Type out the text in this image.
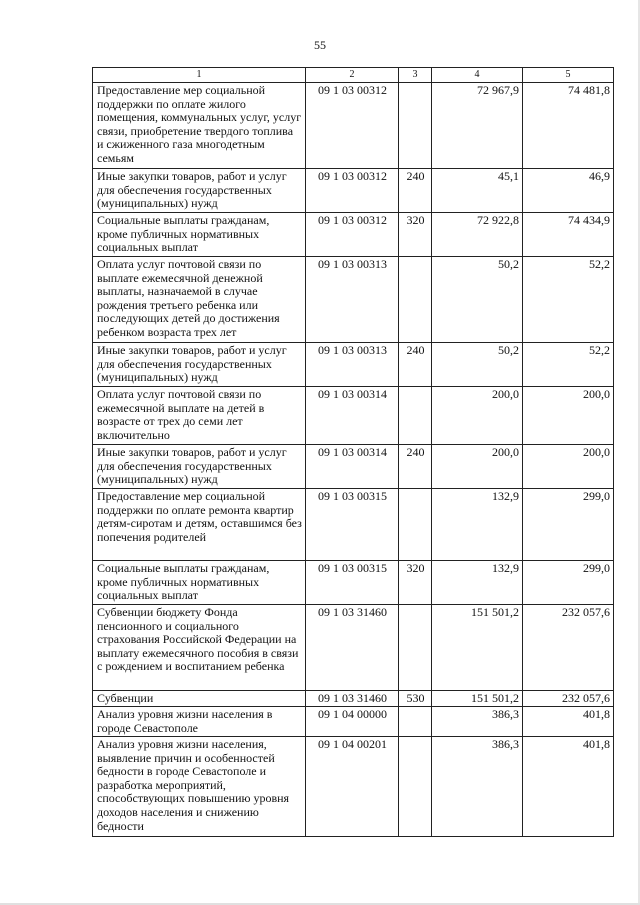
55
1	2	3	4	5
Предоставление мер социальной поддержки по оплате жилого помещения, коммунальных услуг, услуг связи, приобретение твердого топлива и сжиженного газа многодетным семьям	09 1 03 00312		72 967,9	74 481,8
Иные закупки товаров, работ и услуг для обеспечения государственных (муниципальных) нужд	09 1 03 00312	240	45,1	46,9
Социальные выплаты гражданам, кроме публичных нормативных социальных выплат	09 1 03 00312	320	72 922,8	74 434,9
Оплата услуг почтовой связи по выплате ежемесячной денежной выплаты, назначаемой в случае рождения третьего ребенка или последующих детей до достижения ребенком возраста трех лет	09 1 03 00313		50,2	52,2
Иные закупки товаров, работ и услуг для обеспечения государственных (муниципальных) нужд	09 1 03 00313	240	50,2	52,2
Оплата услуг почтовой связи по ежемесячной выплате на детей в возрасте от трех до семи лет включительно	09 1 03 00314		200,0	200,0
Иные закупки товаров, работ и услуг для обеспечения государственных (муниципальных) нужд	09 1 03 00314	240	200,0	200,0
Предоставление мер социальной поддержки по оплате ремонта квартир детям-сиротам и детям, оставшимся без попечения родителей	09 1 03 00315		132,9	299,0
Социальные выплаты гражданам, кроме публичных нормативных социальных выплат	09 1 03 00315	320	132,9	299,0
Субвенции бюджету Фонда пенсионного и социального страхования Российской Федерации на выплату ежемесячного пособия в связи с рождением и воспитанием ребенка	09 1 03 31460		151 501,2	232 057,6
Субвенции	09 1 03 31460	530	151 501,2	232 057,6
Анализ уровня жизни населения в городе Севастополе	09 1 04 00000		386,3	401,8
Анализ уровня жизни населения, выявление причин и особенностей бедности в городе Севастополе и разработка мероприятий, способствующих повышению уровня доходов населения и снижению бедности	09 1 04 00201		386,3	401,8
